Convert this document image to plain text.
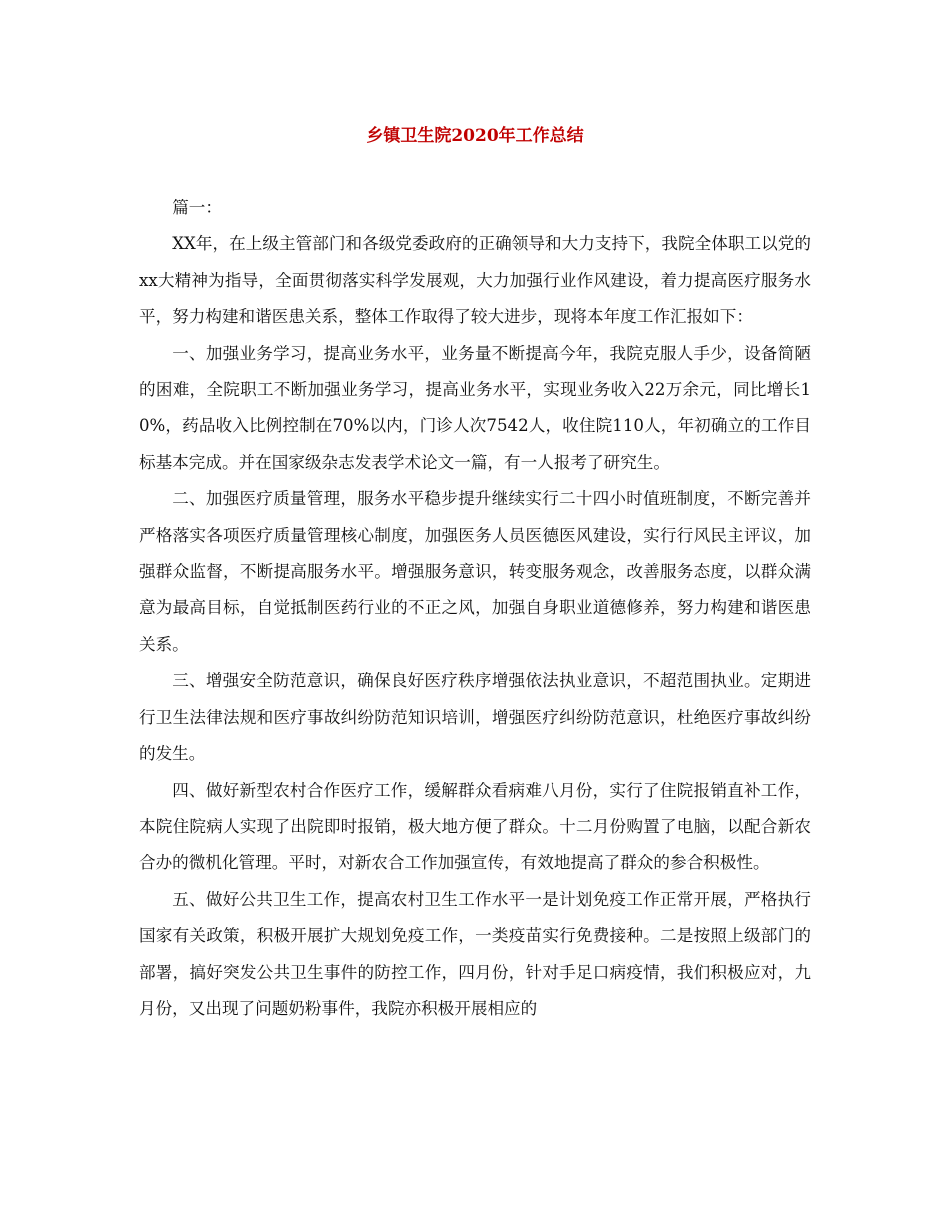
乡镇卫生院2020年工作总结

篇一：

XX年，在上级主管部门和各级党委政府的正确领导和大力支持下，我院全体职工以党的xx大精神为指导，全面贯彻落实科学发展观，大力加强行业作风建设，着力提高医疗服务水平，努力构建和谐医患关系，整体工作取得了较大进步，现将本年度工作汇报如下：

一、加强业务学习，提高业务水平，业务量不断提高今年，我院克服人手少，设备简陋的困难，全院职工不断加强业务学习，提高业务水平，实现业务收入22万余元，同比增长10%，药品收入比例控制在70%以内，门诊人次7542人，收住院110人，年初确立的工作目标基本完成。并在国家级杂志发表学术论文一篇，有一人报考了研究生。

二、加强医疗质量管理，服务水平稳步提升继续实行二十四小时值班制度，不断完善并严格落实各项医疗质量管理核心制度，加强医务人员医德医风建设，实行行风民主评议，加强群众监督，不断提高服务水平。增强服务意识，转变服务观念，改善服务态度，以群众满意为最高目标，自觉抵制医药行业的不正之风，加强自身职业道德修养，努力构建和谐医患关系。

三、增强安全防范意识，确保良好医疗秩序增强依法执业意识，不超范围执业。定期进行卫生法律法规和医疗事故纠纷防范知识培训，增强医疗纠纷防范意识，杜绝医疗事故纠纷的发生。

四、做好新型农村合作医疗工作，缓解群众看病难八月份，实行了住院报销直补工作，本院住院病人实现了出院即时报销，极大地方便了群众。十二月份购置了电脑，以配合新农合办的微机化管理。平时，对新农合工作加强宣传，有效地提高了群众的参合积极性。

五、做好公共卫生工作，提高农村卫生工作水平一是计划免疫工作正常开展，严格执行国家有关政策，积极开展扩大规划免疫工作，一类疫苗实行免费接种。二是按照上级部门的部署，搞好突发公共卫生事件的防控工作，四月份，针对手足口病疫情，我们积极应对，九月份，又出现了问题奶粉事件，我院亦积极开展相应的
